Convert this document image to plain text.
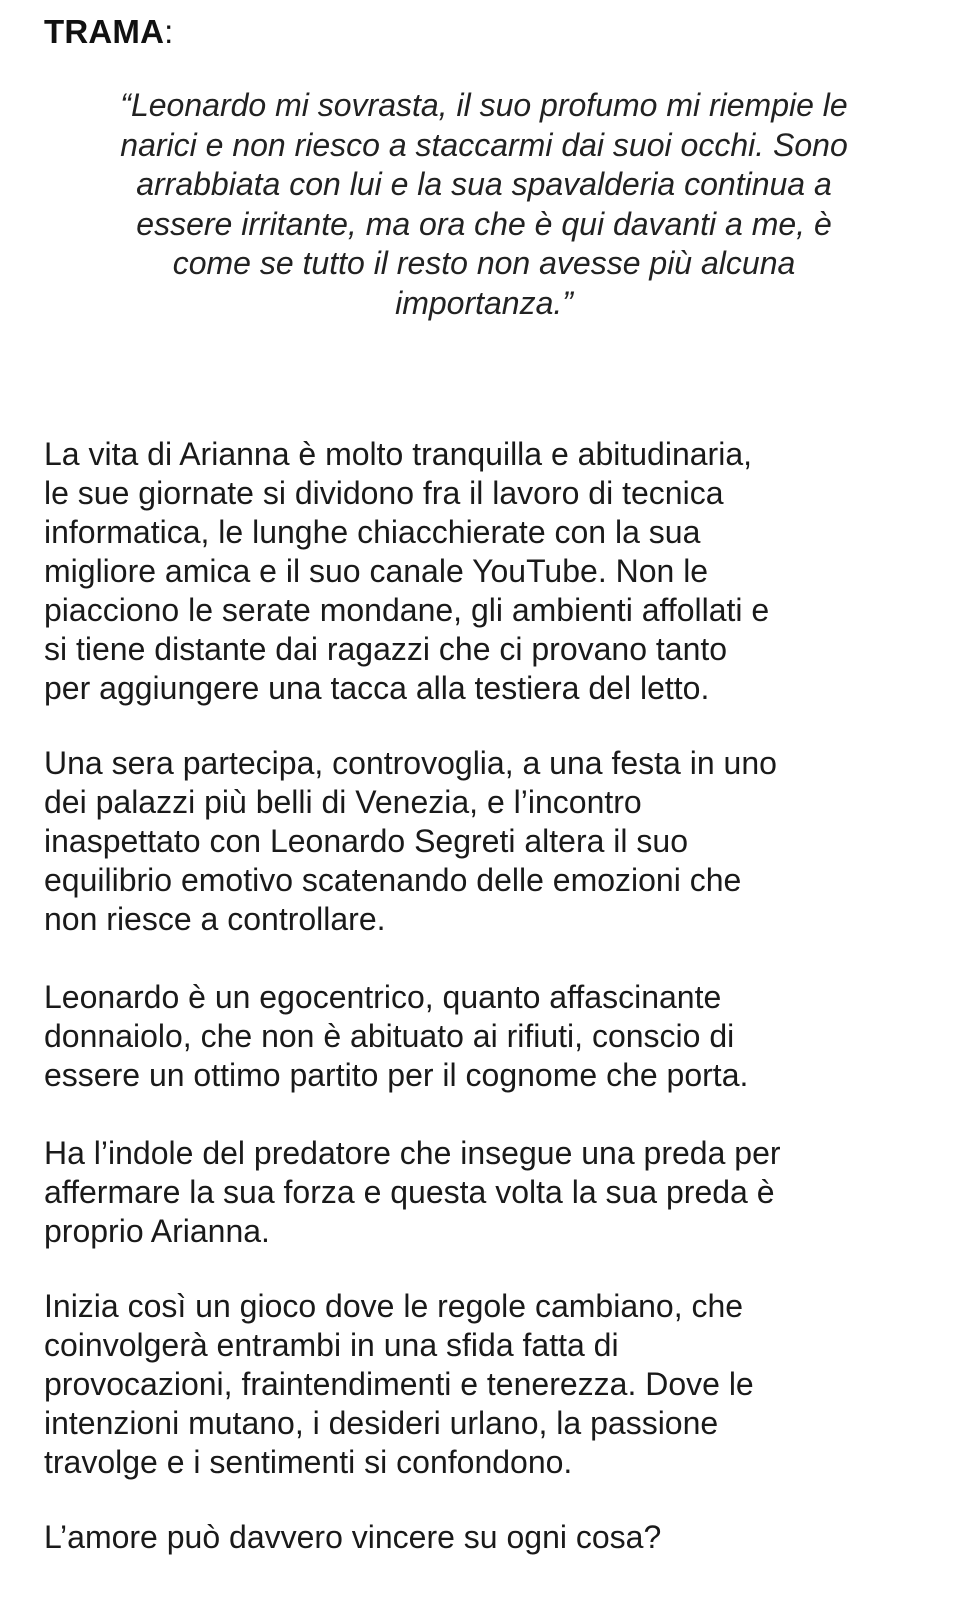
TRAMA:
“Leonardo mi sovrasta, il suo profumo mi riempie le
narici e non riesco a staccarmi dai suoi occhi. Sono
arrabbiata con lui e la sua spavalderia continua a
essere irritante, ma ora che è qui davanti a me, è
come se tutto il resto non avesse più alcuna
importanza.”

La vita di Arianna è molto tranquilla e abitudinaria,
le sue giornate si dividono fra il lavoro di tecnica
informatica, le lunghe chiacchierate con la sua
migliore amica e il suo canale YouTube. Non le
piacciono le serate mondane, gli ambienti affollati e
si tiene distante dai ragazzi che ci provano tanto
per aggiungere una tacca alla testiera del letto.

Una sera partecipa, controvoglia, a una festa in uno
dei palazzi più belli di Venezia, e l’incontro
inaspettato con Leonardo Segreti altera il suo
equilibrio emotivo scatenando delle emozioni che
non riesce a controllare.

Leonardo è un egocentrico, quanto affascinante
donnaiolo, che non è abituato ai rifiuti, conscio di
essere un ottimo partito per il cognome che porta.

Ha l’indole del predatore che insegue una preda per
affermare la sua forza e questa volta la sua preda è
proprio Arianna.

Inizia così un gioco dove le regole cambiano, che
coinvolgerà entrambi in una sfida fatta di
provocazioni, fraintendimenti e tenerezza. Dove le
intenzioni mutano, i desideri urlano, la passione
travolge e i sentimenti si confondono.

L’amore può davvero vincere su ogni cosa?
